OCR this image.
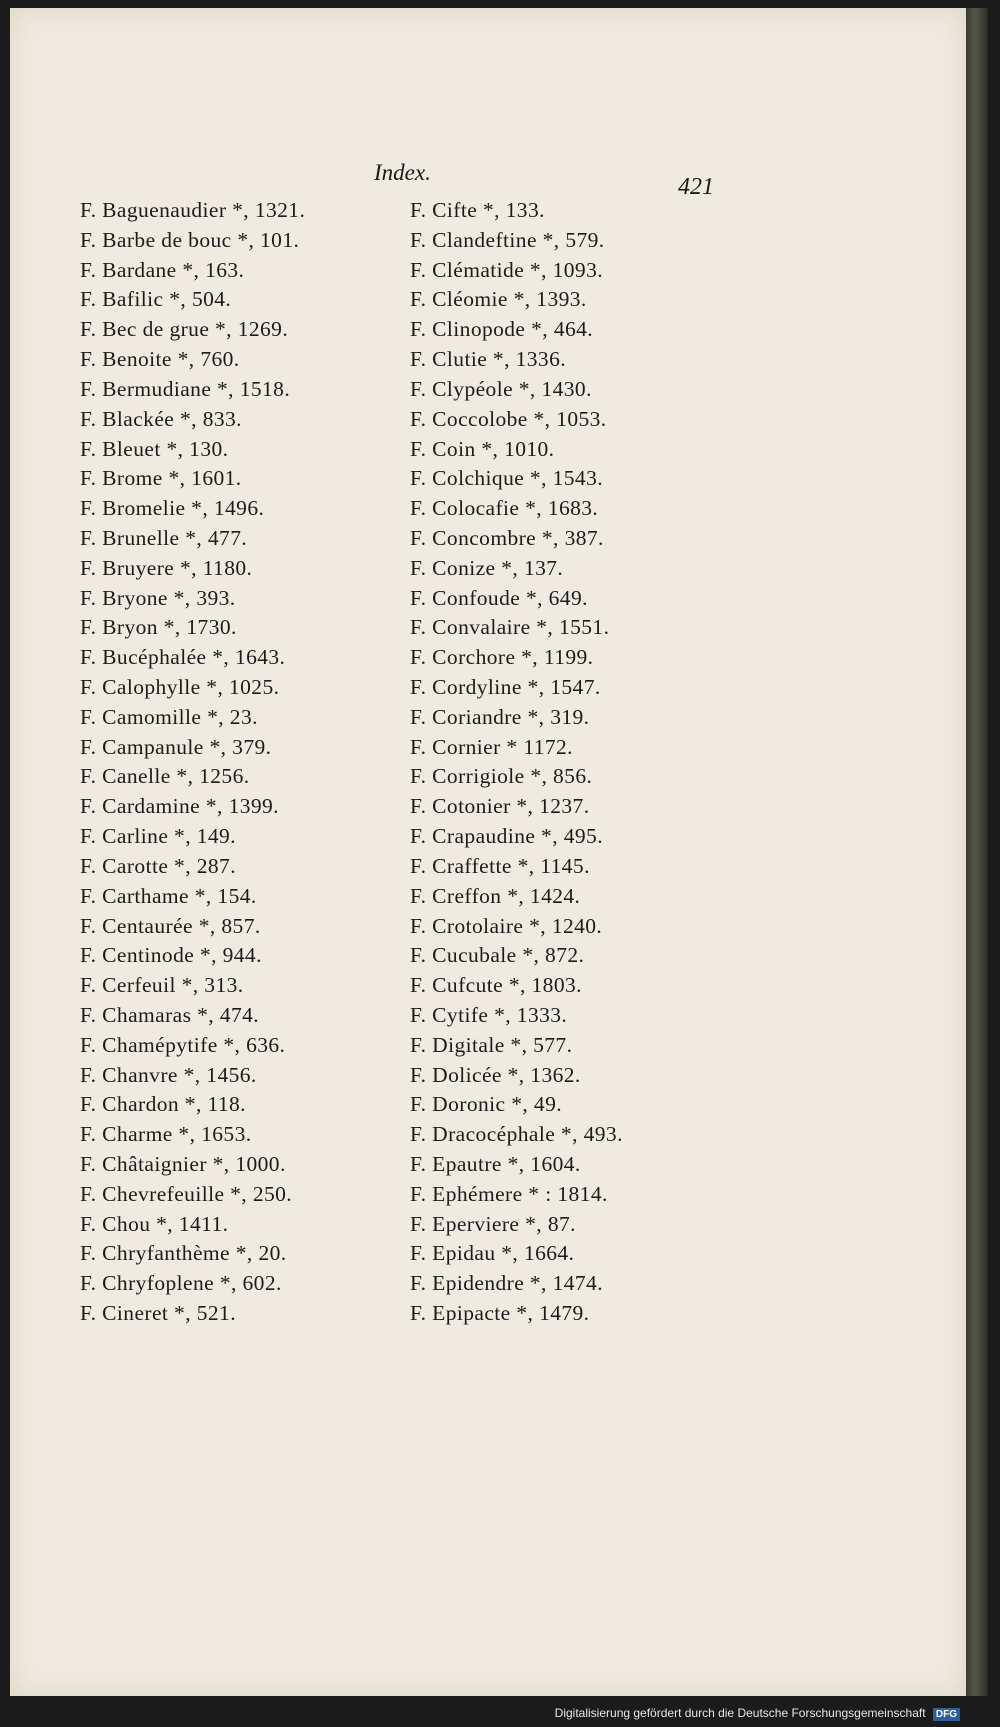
Index.
421
F. Baguenaudier *, 1321.
F. Barbe de bouc *, 101.
F. Bardane *, 163.
F. Bafilic *, 504.
F. Bec de grue *, 1269.
F. Benoite *, 760.
F. Bermudiane *, 1518.
F. Blackée *, 833.
F. Bleuet *, 130.
F. Brome *, 1601.
F. Bromelie *, 1496.
F. Brunelle *, 477.
F. Bruyere *, 1180.
F. Bryone *, 393.
F. Bryon *, 1730.
F. Bucéphalée *, 1643.
F. Calophylle *, 1025.
F. Camomille *, 23.
F. Campanule *, 379.
F. Canelle *, 1256.
F. Cardamine *, 1399.
F. Carline *, 149.
F. Carotte *, 287.
F. Carthame *, 154.
F. Centaurée *, 857.
F. Centinode *, 944.
F. Cerfeuil *, 313.
F. Chamaras *, 474.
F. Chamépytife *, 636.
F. Chanvre *, 1456.
F. Chardon *, 118.
F. Charme *, 1653.
F. Châtaignier *, 1000.
F. Chevrefeuille *, 250.
F. Chou *, 1411.
F. Chryfanthème *, 20.
F. Chryfoplene *, 602.
F. Cineret *, 521.
F. Cifte *, 133.
F. Clandeftine *, 579.
F. Clématide *, 1093.
F. Cléomie *, 1393.
F. Clinopode *, 464.
F. Clutie *, 1336.
F. Clypéole *, 1430.
F. Coccolobe *, 1053.
F. Coin *, 1010.
F. Colchique *, 1543.
F. Colocafie *, 1683.
F. Concombre *, 387.
F. Conize *, 137.
F. Confoude *, 649.
F. Convalaire *, 1551.
F. Corchore *, 1199.
F. Cordyline *, 1547.
F. Coriandre *, 319.
F. Cornier * 1172.
F. Corrigiole *, 856.
F. Cotonier *, 1237.
F. Crapaudine *, 495.
F. Craffette *, 1145.
F. Creffon *, 1424.
F. Crotolaire *, 1240.
F. Cucubale *, 872.
F. Cufcute *, 1803.
F. Cytife *, 1333.
F. Digitale *, 577.
F. Dolicée *, 1362.
F. Doronic *, 49.
F. Dracocéphale *, 493.
F. Epautre *, 1604.
F. Ephémere * : 1814.
F. Eperviere *, 87.
F. Epidau *, 1664.
F. Epidendre *, 1474.
F. Epipacte *, 1479.
Digitalisierung gefördert durch die Deutsche Forschungsgemeinschaft DFG
